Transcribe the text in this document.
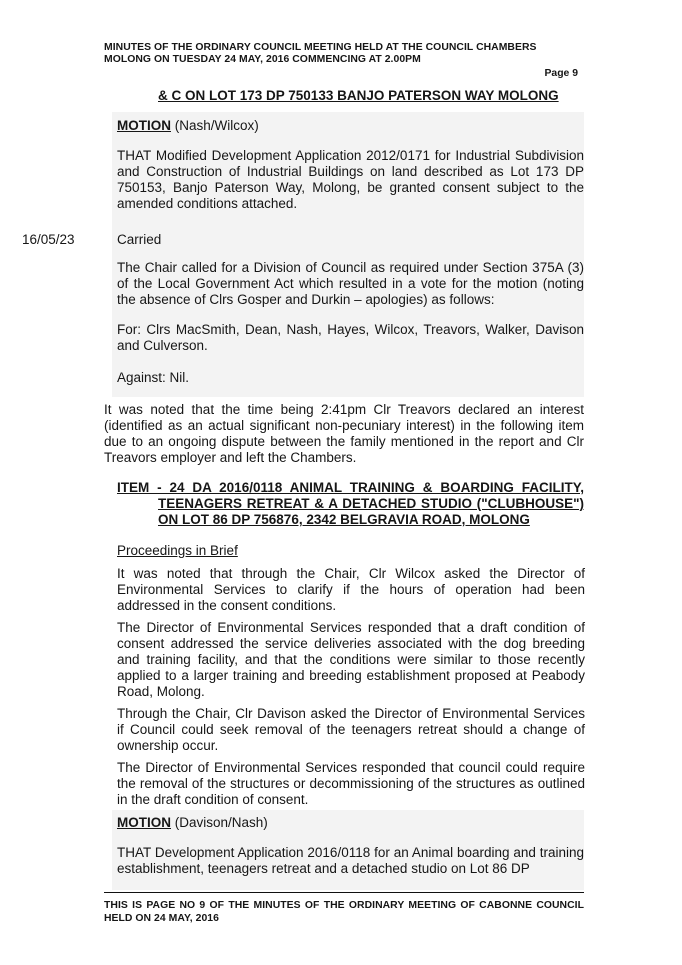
MINUTES OF THE ORDINARY COUNCIL MEETING HELD AT THE COUNCIL CHAMBERS
MOLONG ON TUESDAY 24 MAY, 2016 COMMENCING AT 2.00PM
Page 9
& C ON LOT 173 DP 750133 BANJO PATERSON WAY MOLONG
MOTION (Nash/Wilcox)
THAT Modified Development Application 2012/0171 for Industrial Subdivision and Construction of Industrial Buildings on land described as Lot 173 DP 750153, Banjo Paterson Way, Molong, be granted consent subject to the amended conditions attached.
16/05/23	Carried
The Chair called for a Division of Council as required under Section 375A (3) of the Local Government Act which resulted in a vote for the motion (noting the absence of Clrs Gosper and Durkin – apologies) as follows:
For: Clrs MacSmith, Dean, Nash, Hayes, Wilcox, Treavors, Walker, Davison and Culverson.
Against: Nil.
It was noted that the time being 2:41pm Clr Treavors declared an interest (identified as an actual significant non-pecuniary interest) in the following item due to an ongoing dispute between the family mentioned in the report and Clr Treavors employer and left the Chambers.
ITEM - 24 DA 2016/0118 ANIMAL TRAINING & BOARDING FACILITY,
TEENAGERS RETREAT & A DETACHED STUDIO ("CLUBHOUSE")
ON LOT 86 DP 756876, 2342 BELGRAVIA ROAD, MOLONG
Proceedings in Brief
It was noted that through the Chair, Clr Wilcox asked the Director of Environmental Services to clarify if the hours of operation had been addressed in the consent conditions.
The Director of Environmental Services responded that a draft condition of consent addressed the service deliveries associated with the dog breeding and training facility, and that the conditions were similar to those recently applied to a larger training and breeding establishment proposed at Peabody Road, Molong.
Through the Chair, Clr Davison asked the Director of Environmental Services if Council could seek removal of the teenagers retreat should a change of ownership occur.
The Director of Environmental Services responded that council could require the removal of the structures or decommissioning of the structures as outlined in the draft condition of consent.
MOTION (Davison/Nash)
THAT Development Application 2016/0118 for an Animal boarding and training establishment, teenagers retreat and a detached studio on Lot 86 DP
THIS IS PAGE NO 9 OF THE MINUTES OF THE ORDINARY MEETING OF CABONNE COUNCIL HELD ON 24 MAY, 2016
